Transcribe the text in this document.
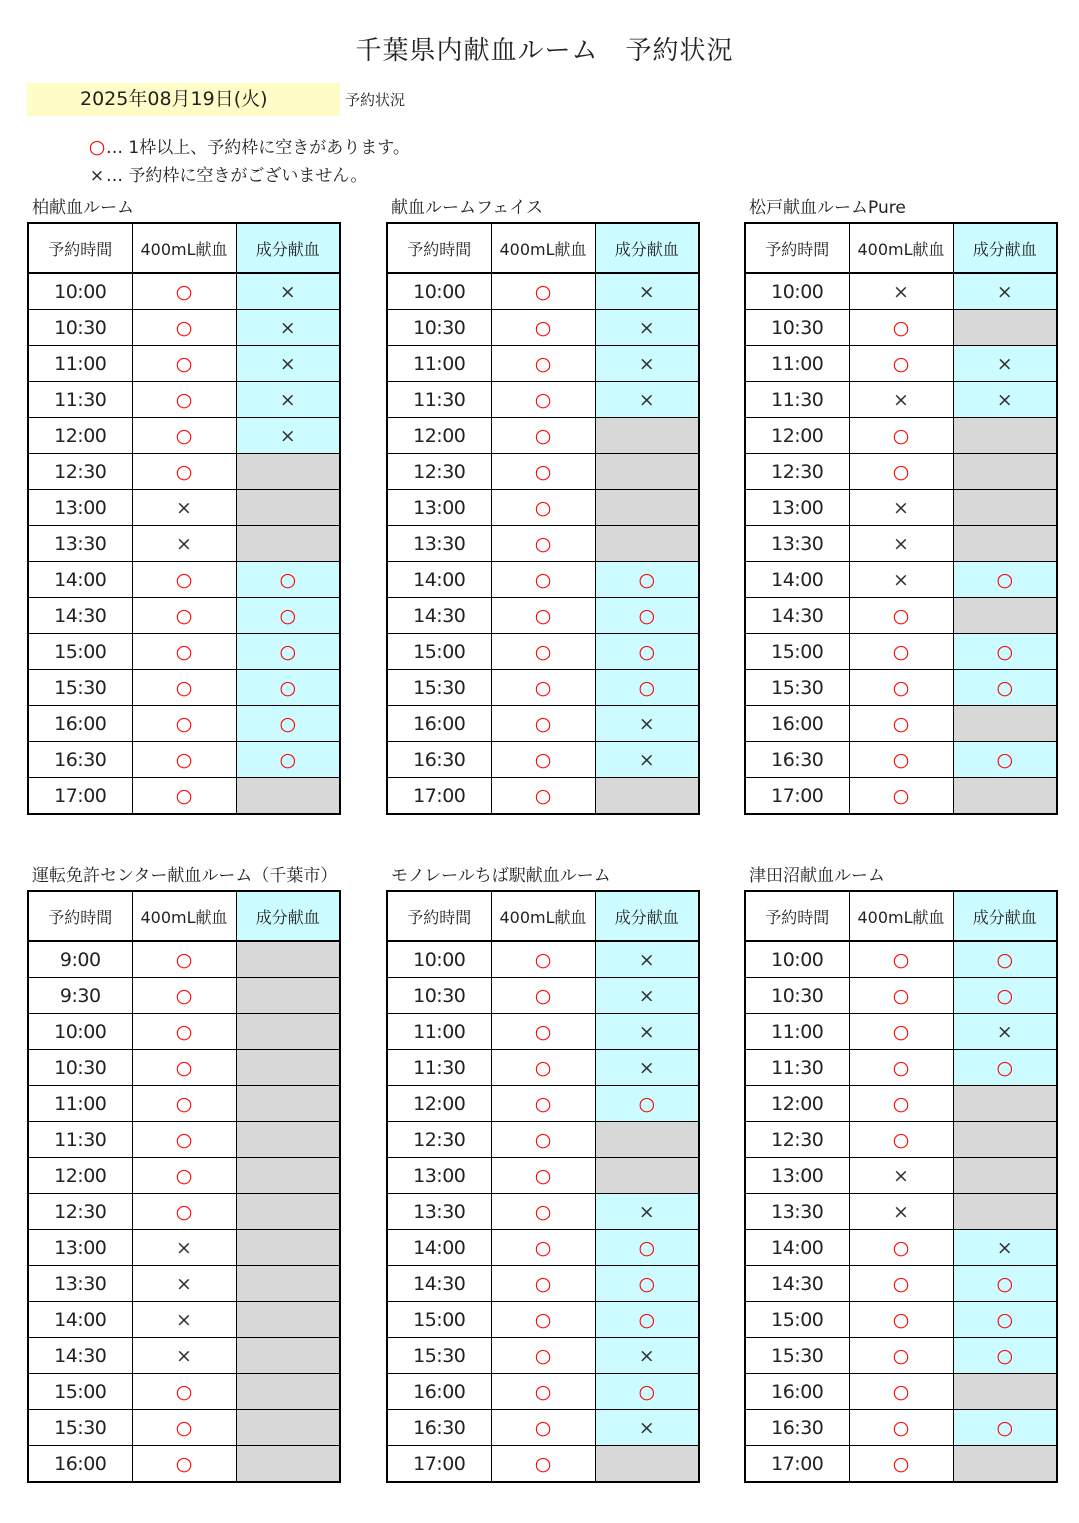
千葉県内献血ルーム　予約状況
2025年08月19日(火)	予約状況
○… 1枠以上、予約枠に空きがあります。
× … 予約枠に空きがございません。
柏献血ルーム
予約時間	400mL献血	成分献血
10:00	○	×
10:30	○	×
11:00	○	×
11:30	○	×
12:00	○	×
12:30	○	
13:00	×	
13:30	×	
14:00	○	○
14:30	○	○
15:00	○	○
15:30	○	○
16:00	○	○
16:30	○	○
17:00	○	
献血ルームフェイス
予約時間	400mL献血	成分献血
10:00	○	×
10:30	○	×
11:00	○	×
11:30	○	×
12:00	○	
12:30	○	
13:00	○	
13:30	○	
14:00	○	○
14:30	○	○
15:00	○	○
15:30	○	○
16:00	○	×
16:30	○	×
17:00	○	
松戸献血ルームPure
予約時間	400mL献血	成分献血
10:00	×	×
10:30	○	
11:00	○	×
11:30	×	×
12:00	○	
12:30	○	
13:00	×	
13:30	×	
14:00	×	○
14:30	○	
15:00	○	○
15:30	○	○
16:00	○	
16:30	○	○
17:00	○	
運転免許センター献血ルーム（千葉市）
予約時間	400mL献血	成分献血
9:00	○	
9:30	○	
10:00	○	
10:30	○	
11:00	○	
11:30	○	
12:00	○	
12:30	○	
13:00	×	
13:30	×	
14:00	×	
14:30	×	
15:00	○	
15:30	○	
16:00	○	
モノレールちば駅献血ルーム
予約時間	400mL献血	成分献血
10:00	○	×
10:30	○	×
11:00	○	×
11:30	○	×
12:00	○	○
12:30	○	
13:00	○	
13:30	○	×
14:00	○	○
14:30	○	○
15:00	○	○
15:30	○	×
16:00	○	○
16:30	○	×
17:00	○	
津田沼献血ルーム
予約時間	400mL献血	成分献血
10:00	○	○
10:30	○	○
11:00	○	×
11:30	○	○
12:00	○	
12:30	○	
13:00	×	
13:30	×	
14:00	○	×
14:30	○	○
15:00	○	○
15:30	○	○
16:00	○	
16:30	○	○
17:00	○	
